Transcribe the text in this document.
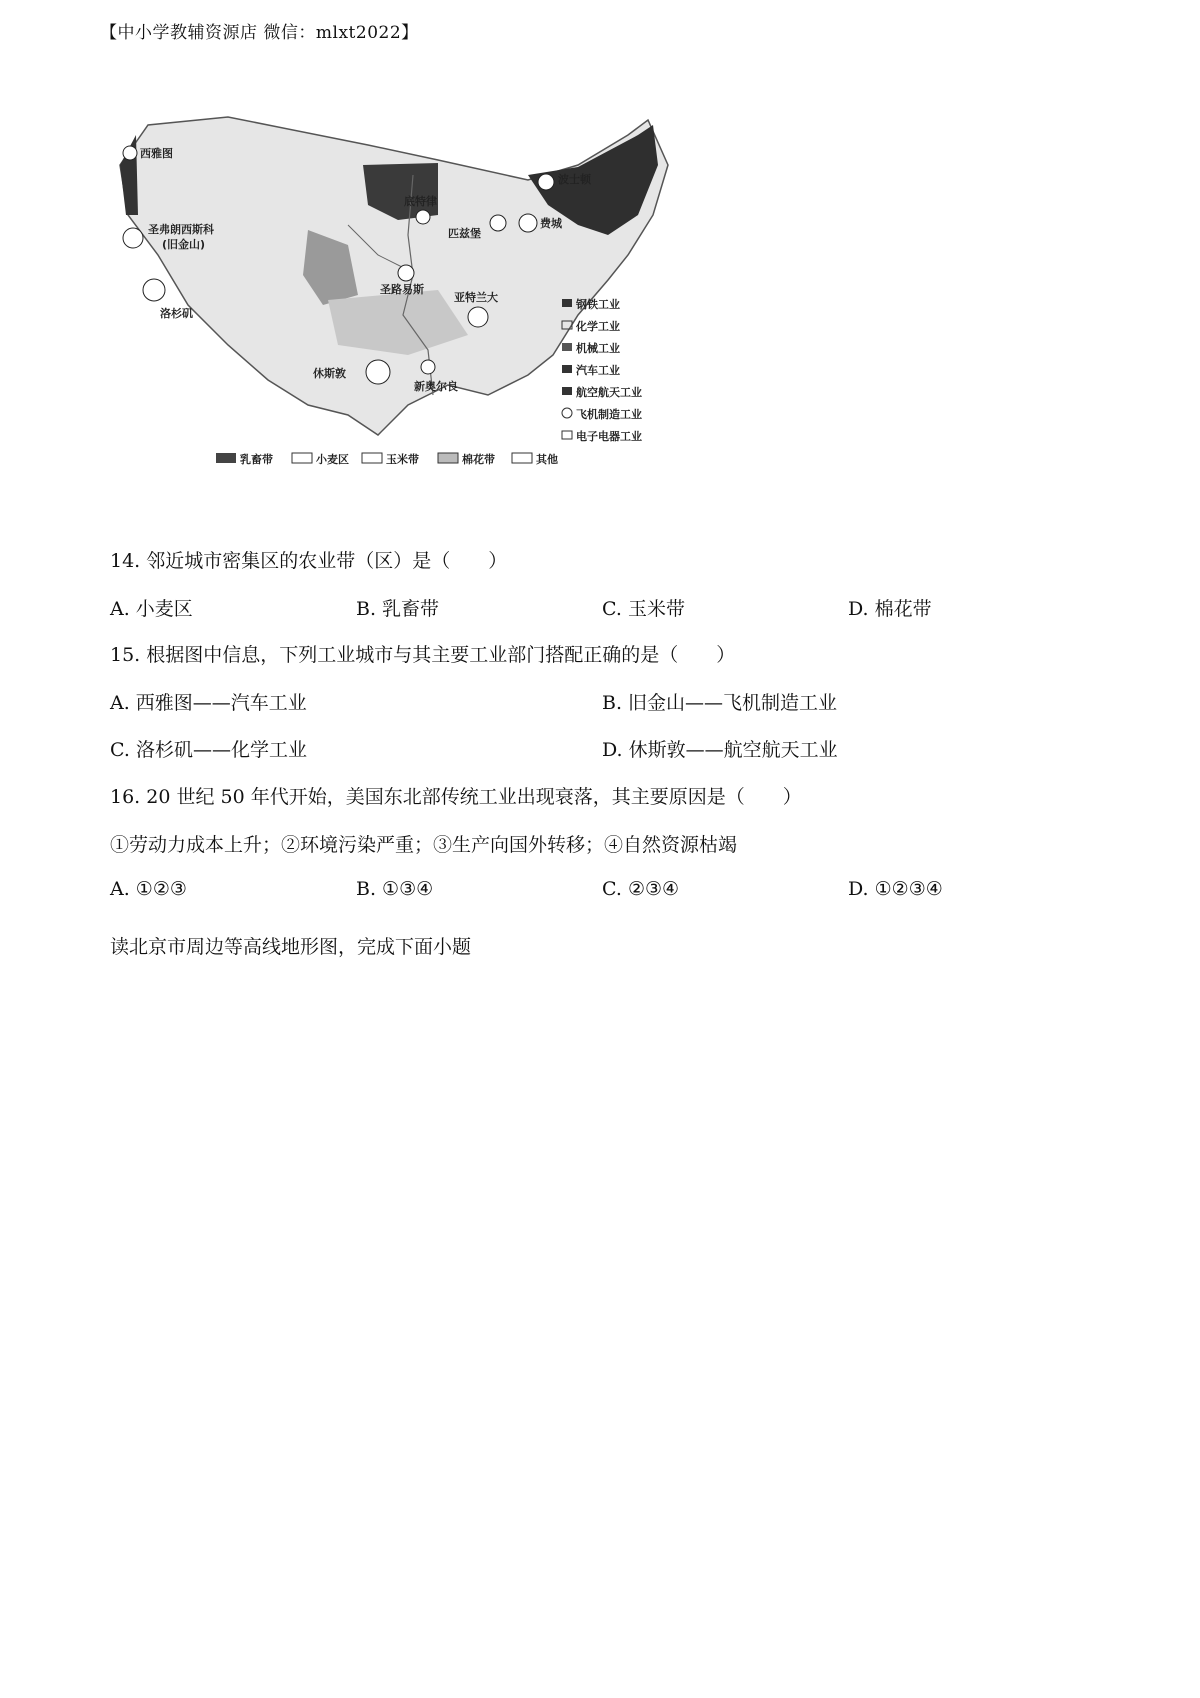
【中小学教辅资源店 微信：mlxt2022】
西雅图
圣弗朗西斯科
(旧金山)
洛杉矶
休斯敦
新奥尔良
圣路易斯
亚特兰大
底特律
匹兹堡
波士顿
费城
钢铁工业
化学工业
机械工业
汽车工业
航空航天工业
飞机制造工业
电子电器工业
乳畜带	小麦区	玉米带	棉花带	其他
14. 邻近城市密集区的农业带（区）是（　　）
A. 小麦区	B. 乳畜带	C. 玉米带	D. 棉花带
15. 根据图中信息，下列工业城市与其主要工业部门搭配正确的是（　　）
A. 西雅图——汽车工业	B. 旧金山——飞机制造工业
C. 洛杉矶——化学工业	D. 休斯敦——航空航天工业
16. 20 世纪 50 年代开始，美国东北部传统工业出现衰落，其主要原因是（　　）
①劳动力成本上升；②环境污染严重；③生产向国外转移；④自然资源枯竭
A. ①②③	B. ①③④	C. ②③④	D. ①②③④
读北京市周边等高线地形图，完成下面小题
